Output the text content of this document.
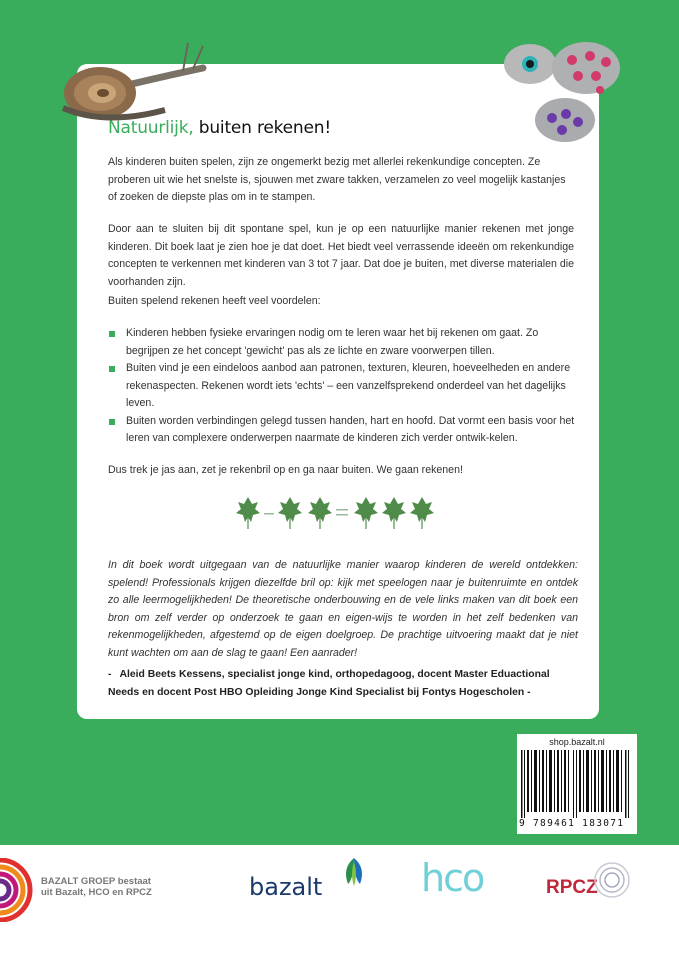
Natuurlijk, buiten rekenen!

Als kinderen buiten spelen, zijn ze ongemerkt bezig met allerlei rekenkundige concepten. Ze proberen uit wie het snelste is, sjouwen met zware takken, verzamelen zo veel mogelijk kastanjes of zoeken de diepste plas om in te stampen.

Door aan te sluiten bij dit spontane spel, kun je op een natuurlijke manier rekenen met jonge kinderen. Dit boek laat je zien hoe je dat doet. Het biedt veel verrassende ideeën om rekenkundige concepten te verkennen met kinderen van 3 tot 7 jaar. Dat doe je buiten, met diverse materialen die voorhanden zijn.

Buiten spelend rekenen heeft veel voordelen:

Kinderen hebben fysieke ervaringen nodig om te leren waar het bij rekenen om gaat. Zo begrijpen ze het concept 'gewicht' pas als ze lichte en zware voorwerpen tillen.
Buiten vind je een eindeloos aanbod aan patronen, texturen, kleuren, hoeveelheden en andere rekenaspecten. Rekenen wordt iets 'echts' – een vanzelfsprekend onderdeel van het dagelijks leven.
Buiten worden verbindingen gelegd tussen handen, hart en hoofd. Dat vormt een basis voor het leren van complexere onderwerpen naarmate de kinderen zich verder ontwik-kelen.

Dus trek je jas aan, zet je rekenbril op en ga naar buiten. We gaan rekenen!

In dit boek wordt uitgegaan van de natuurlijke manier waarop kinderen de wereld ontdekken: spelend! Professionals krijgen diezelfde bril op: kijk met speelogen naar je buitenruimte en ontdek zo alle leermogelijkheden! De theoretische onderbouwing en de vele links maken van dit boek een bron om zelf verder op onderzoek te gaan en eigen-wijs te worden in het zelf bedenken van rekenmogelijkheden, afgestemd op de eigen doelgroep. De prachtige uitvoering maakt dat je niet kunt wachten om aan de slag te gaan! Een aanrader!

- Aleid Beets Kessens, specialist jonge kind, orthopedagoog, docent Master Eduactional Needs en docent Post HBO Opleiding Jonge Kind Specialist bij Fontys Hogescholen -
shop.bazalt.nl
9 789461 183071
BAZALT GROEP bestaat
uit Bazalt, HCO en RPCZ	bazalt	hco	RPCZ
